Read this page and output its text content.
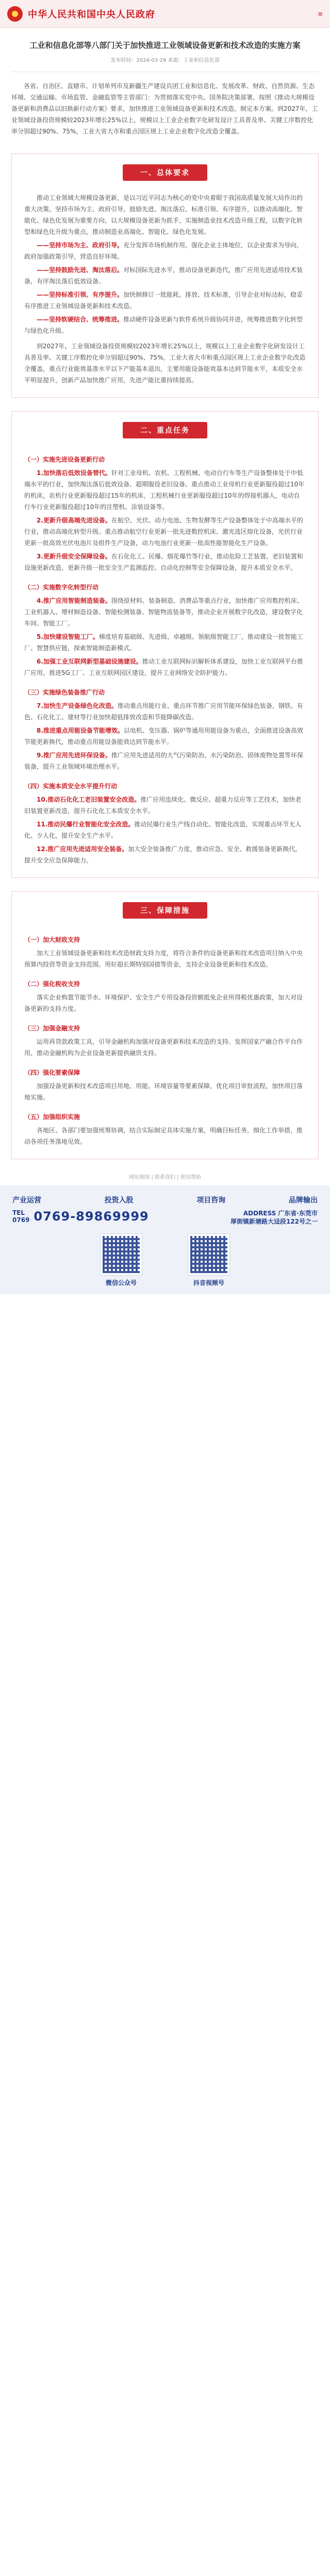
中华人民共和国中央人民政府	≡
工业和信息化部等八部门关于加快推进工业领域设备更新和技术改造的实施方案
发布时间：2024-03-29 来源：工业和信息化部
各省、自治区、直辖市、计划单列市及新疆生产建设兵团工业和信息化、发展改革、财政、自然资源、生态环境、交通运输、市场监管、金融监管等主管部门：为贯彻落实党中央、国务院决策部署，按照《推动大规模设备更新和消费品以旧换新行动方案》要求，加快推进工业领域设备更新和技术改造，制定本方案。到2027年，工业领域设备投资规模较2023年增长25%以上，规模以上工业企业数字化研发设计工具普及率、关键工序数控化率分别超过90%、75%，工业大省大市和重点园区规上工业企业数字化改造全覆盖。
一、总体要求
推动工业领域大规模设备更新，是以习近平同志为核心的党中央着眼于我国高质量发展大局作出的重大决策。坚持市场为主、政府引导，鼓励先进、淘汰落后，标准引领、有序提升，以推动高端化、智能化、绿色化发展为重要方向，以大规模设备更新为抓手，实施制造业技术改造升级工程，以数字化转型和绿色化升级为重点，推动制造业高端化、智能化、绿色化发展。
——坚持市场为主、政府引导。充分发挥市场机制作用，强化企业主体地位，以企业需求为导向，政府加强政策引导，营造良好环境。
——坚持鼓励先进、淘汰落后。对标国际先进水平，推动设备更新迭代，推广应用先进适用技术装备，有序淘汰落后低效设备。
——坚持标准引领、有序提升。加快制修订一批能耗、排放、技术标准，引导企业对标达标，稳妥有序推进工业领域设备更新和技术改造。
——坚持软硬结合、统筹推进。推动硬件设备更新与软件系统升级协同并进，统筹推进数字化转型与绿色化升级。
到2027年，工业领域设备投资规模较2023年增长25%以上，规模以上工业企业数字化研发设计工具普及率、关键工序数控化率分别超过90%、75%，工业大省大市和重点园区规上工业企业数字化改造全覆盖，重点行业能效基准水平以下产能基本退出，主要用能设备能效基本达到节能水平，本质安全水平明显提升，创新产品加快推广应用，先进产能比重持续提高。
二、重点任务
（一）实施先进设备更新行动
1.加快落后低效设备替代。针对工业母机、农机、工程机械、电动自行车等生产设备整体处于中低端水平的行业，加快淘汰落后低效设备、超期服役老旧设备。重点推动工业母机行业更新服役超过10年的机床，农机行业更新服役超过15年的机床，工程机械行业更新服役超过10年的焊接机器人，电动自行车行业更新服役超过10年的注塑机、涂装设备等。
2.更新升级高端先进设备。在航空、光伏、动力电池、生物发酵等生产设备整体处于中高端水平的行业，推动高端化转型升级。重点推动航空行业更新一批先进数控机床、激光选区熔化设备，光伏行业更新一批高效光伏电池片及组件生产设备，动力电池行业更新一批高性能智能化生产设备。
3.更新升级安全保障设备。在石化化工、民爆、烟花爆竹等行业，推动危险工艺装置、老旧装置和设施更新改造，更新升级一批安全生产监测监控、自动化控制等安全保障设备，提升本质安全水平。
（二）实施数字化转型行动
4.推广应用智能制造装备。围绕原材料、装备制造、消费品等重点行业，加快推广应用数控机床、工业机器人、增材制造设备、智能检测装备、智能物流装备等，推动企业开展数字化改造，建设数字化车间、智能工厂。
5.加快建设智能工厂。梯度培育基础级、先进级、卓越级、领航级智能工厂，推动建设一批智能工厂、智慧供应链，探索智能制造新模式。
6.加强工业互联网新型基础设施建设。推动工业互联网标识解析体系建设，加快工业互联网平台推广应用，推进5G工厂、工业互联网园区建设，提升工业网络安全防护能力。
（三）实施绿色装备推广行动
7.加快生产设备绿色化改造。推动重点用能行业、重点环节推广应用节能环保绿色装备，钢铁、有色、石化化工、建材等行业加快超低排放改造和节能降碳改造。
8.推进重点用能设备节能增效。以电机、变压器、锅炉等通用用能设备为重点，全面推进设备高效节能更新换代，推动重点用能设备能效达到节能水平。
9.推广应用先进环保设备。推广应用先进适用的大气污染防治、水污染防治、固体废物处置等环保装备，提升工业领域环境治理水平。
（四）实施本质安全水平提升行动
10.推动石化化工老旧装置安全改造。推广应用连续化、微反应、超重力反应等工艺技术，加快老旧装置更新改造，提升石化化工本质安全水平。
11.推动民爆行业智能化安全改造。推动民爆行业生产线自动化、智能化改造，实现重点环节无人化、少人化，提升安全生产水平。
12.推广应用先进适用安全装备。加大安全装备推广力度，推动应急、安全、救援装备更新换代，提升安全应急保障能力。
三、保障措施
（一）加大财政支持
加大工业领域设备更新和技术改造财政支持力度，将符合条件的设备更新和技术改造项目纳入中央预算内投资等资金支持范围。用好超长期特别国债等资金，支持企业设备更新和技术改造。
（二）强化税收支持
落实企业购置节能节水、环境保护、安全生产专用设备投资额抵免企业所得税优惠政策，加大对设备更新的支持力度。
（三）加强金融支持
运用再贷款政策工具，引导金融机构加强对设备更新和技术改造的支持。发挥国家产融合作平台作用，推动金融机构为企业设备更新提供融资支持。
（四）强化要素保障
加强设备更新和技术改造项目用地、用能、环境容量等要素保障，优化项目审批流程，加快项目落地实施。
（五）加强组织实施
各地区、各部门要加强统筹协调，结合实际制定具体实施方案，明确目标任务，细化工作举措，推动各项任务落地见效。
网站地图 | 联系我们 | 使用帮助
产业运营	投资入股	项目咨询	品牌输出
TEL
0769 0769-89869999	ADDRESS 广东省·东莞市
厚街镇新塘路大迳段122号之一
微信公众号	抖音视频号
